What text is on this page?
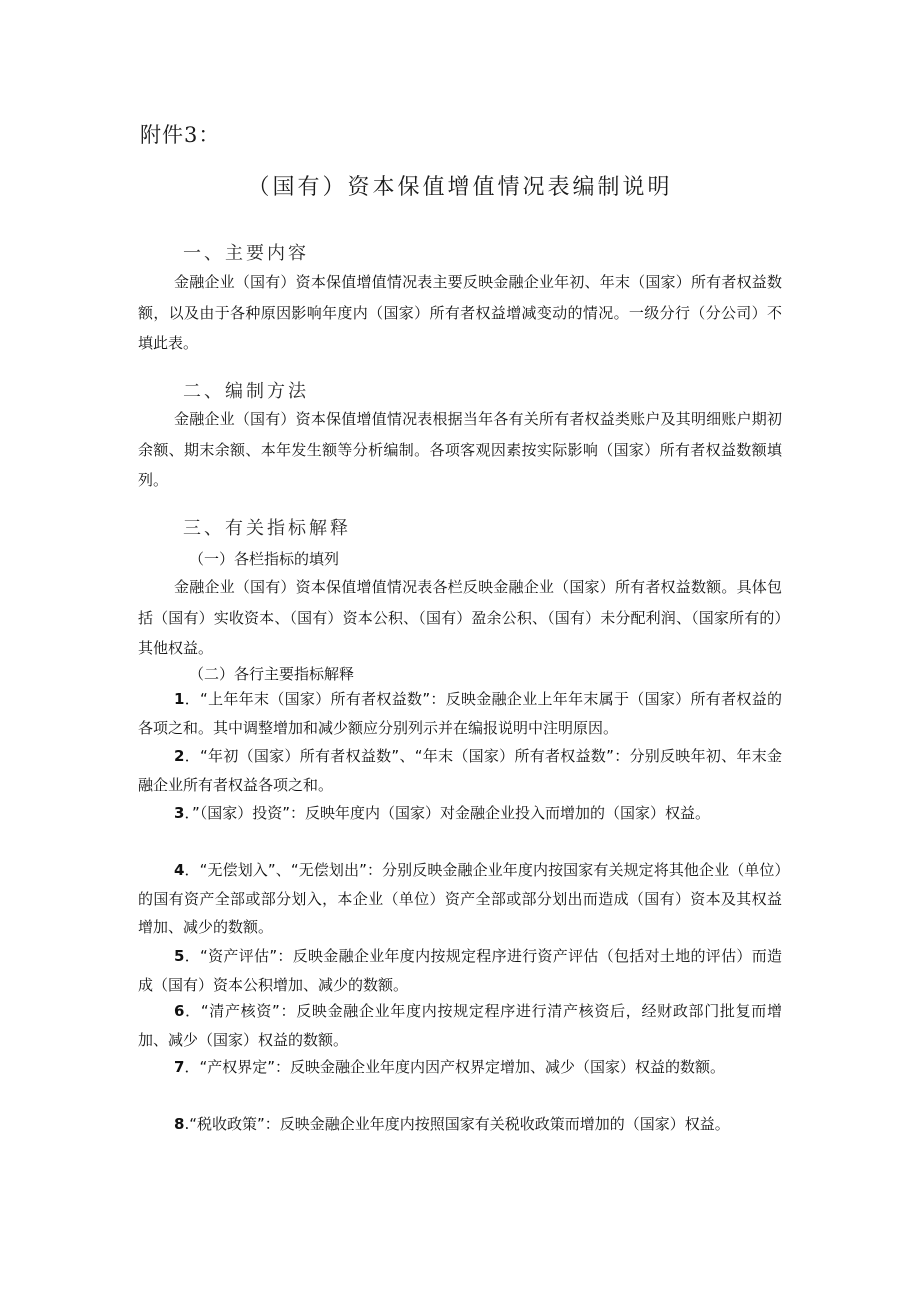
附件3：
（国有）资本保值增值情况表编制说明
一、主要内容
金融企业（国有）资本保值增值情况表主要反映金融企业年初、年末（国家）所有者权益数额，以及由于各种原因影响年度内（国家）所有者权益增减变动的情况。一级分行（分公司）不填此表。
二、编制方法
金融企业（国有）资本保值增值情况表根据当年各有关所有者权益类账户及其明细账户期初余额、期末余额、本年发生额等分析编制。各项客观因素按实际影响（国家）所有者权益数额填列。
三、有关指标解释
（一）各栏指标的填列
金融企业（国有）资本保值增值情况表各栏反映金融企业（国家）所有者权益数额。具体包括（国有）实收资本、（国有）资本公积、（国有）盈余公积、（国有）未分配利润、（国家所有的）其他权益。
（二）各行主要指标解释
1．“上年年末（国家）所有者权益数”：反映金融企业上年年末属于（国家）所有者权益的各项之和。其中调整增加和减少额应分别列示并在编报说明中注明原因。
2．“年初（国家）所有者权益数”、“年末（国家）所有者权益数”：分别反映年初、年末金融企业所有者权益各项之和。
3．”（国家）投资”：反映年度内（国家）对金融企业投入而增加的（国家）权益。
4．“无偿划入”、“无偿划出”：分别反映金融企业年度内按国家有关规定将其他企业（单位）的国有资产全部或部分划入，本企业（单位）资产全部或部分划出而造成（国有）资本及其权益增加、减少的数额。
5．“资产评估”：反映金融企业年度内按规定程序进行资产评估（包括对土地的评估）而造成（国有）资本公积增加、减少的数额。
6．“清产核资”：反映金融企业年度内按规定程序进行清产核资后，经财政部门批复而增加、减少（国家）权益的数额。
7．“产权界定”：反映金融企业年度内因产权界定增加、减少（国家）权益的数额。
8.“税收政策”：反映金融企业年度内按照国家有关税收政策而增加的（国家）权益。
